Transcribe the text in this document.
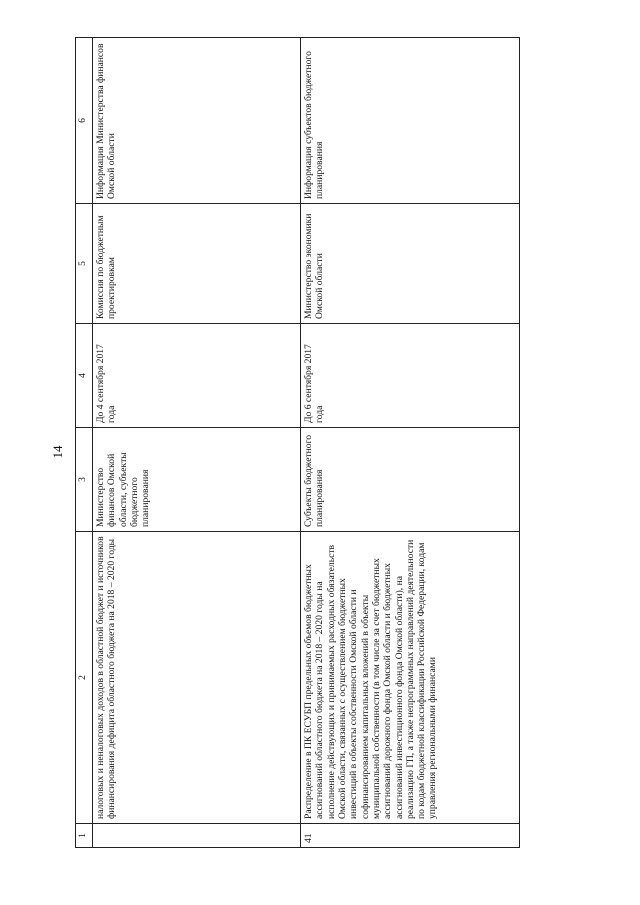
14
1	2	3	4	5	6
	налоговых и неналоговых доходов в областной бюджет и источников финансирования дефицита областного бюджета на 2018 – 2020 годы	Министерство финансов Омской области, субъекты бюджетного планирования	До 4 сентября 2017 года	Комиссия по бюджетным проектировкам	Информация Министерства финансов Омской области
41	Распределение в ПК ЕСУБП предельных объемов бюджетных ассигнований областного бюджета на 2018 – 2020 годы на исполнение действующих и принимаемых расходных обязательств Омской области, связанных с осуществлением бюджетных инвестиций в объекты собственности Омской области и софинансированием капитальных вложений в объекты муниципальной собственности (в том числе за счет бюджетных ассигнований дорожного фонда Омской области и бюджетных ассигнований инвестиционного фонда Омской области), на реализацию ГП, а также непрограммных направлений деятельности по кодам бюджетной классификации Российской Федерации, кодам управления региональными финансами	Субъекты бюджетного планирования	До 6 сентября 2017 года	Министерство экономики Омской области	Информация субъектов бюджетного планирования
